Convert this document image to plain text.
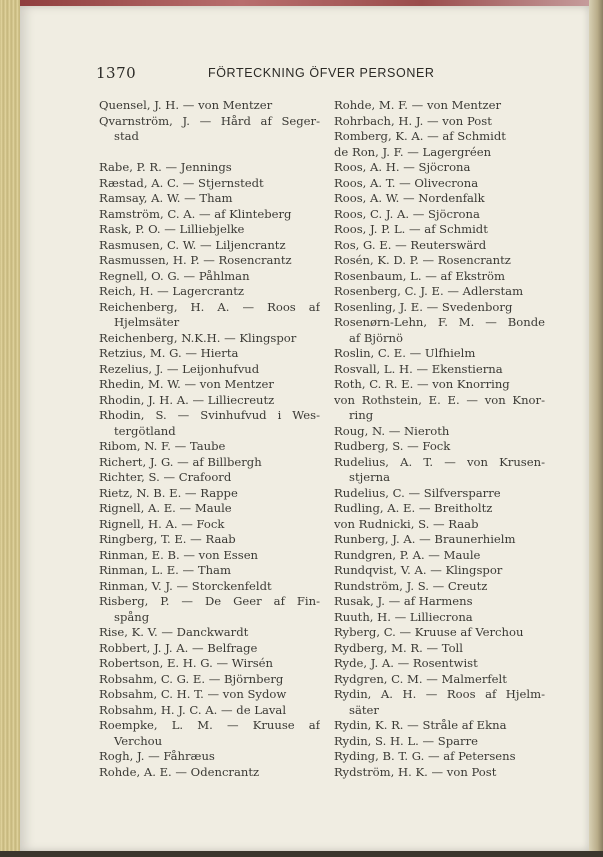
1370	FÖRTECKNING ÖFVER PERSONER
Quensel, J. H. — von Mentzer
Qvarnström, J. — Hård af Seger-
stad
Rabe, P. R. — Jennings
Ræstad, A. C. — Stjernstedt
Ramsay, A. W. — Tham
Ramström, C. A. — af Klinteberg
Rask, P. O. — Lilliebjelke
Rasmusen, C. W. — Liljencrantz
Rasmussen, H. P. — Rosencrantz
Regnell, O. G. — Påhlman
Reich, H. — Lagercrantz
Reichenberg, H. A. — Roos af
Hjelmsäter
Reichenberg, N.K.H. — Klingspor
Retzius, M. G. — Hierta
Rezelius, J. — Leijonhufvud
Rhedin, M. W. — von Mentzer
Rhodin, J. H. A. — Lilliecreutz
Rhodin, S. — Svinhufvud i Wes-
tergötland
Ribom, N. F. — Taube
Richert, J. G. — af Billbergh
Richter, S. — Crafoord
Rietz, N. B. E. — Rappe
Rignell, A. E. — Maule
Rignell, H. A. — Fock
Ringberg, T. E. — Raab
Rinman, E. B. — von Essen
Rinman, L. E. — Tham
Rinman, V. J. — Storckenfeldt
Risberg, P. — De Geer af Fin-
spång
Rise, K. V. — Danckwardt
Robbert, J. J. A. — Belfrage
Robertson, E. H. G. — Wirsén
Robsahm, C. G. E. — Björnberg
Robsahm, C. H. T. — von Sydow
Robsahm, H. J. C. A. — de Laval
Roempke, L. M. — Kruuse af
Verchou
Rogh, J. — Fåhræus
Rohde, A. E. — Odencrantz
Rohde, M. F. — von Mentzer
Rohrbach, H. J. — von Post
Romberg, K. A. — af Schmidt
de Ron, J. F. — Lagergréen
Roos, A. H. — Sjöcrona
Roos, A. T. — Olivecrona
Roos, A. W. — Nordenfalk
Roos, C. J. A. — Sjöcrona
Roos, J. P. L. — af Schmidt
Ros, G. E. — Reuterswärd
Rosén, K. D. P. — Rosencrantz
Rosenbaum, L. — af Ekström
Rosenberg, C. J. E. — Adlerstam
Rosenling, J. E. — Svedenborg
Rosenørn-Lehn, F. M. — Bonde
af Björnö
Roslin, C. E. — Ulfhielm
Rosvall, L. H. — Ekenstierna
Roth, C. R. E. — von Knorring
von Rothstein, E. E. — von Knor-
ring
Roug, N. — Nieroth
Rudberg, S. — Fock
Rudelius, A. T. — von Krusen-
stjerna
Rudelius, C. — Silfversparre
Rudling, A. E. — Breitholtz
von Rudnicki, S. — Raab
Runberg, J. A. — Braunerhielm
Rundgren, P. A. — Maule
Rundqvist, V. A. — Klingspor
Rundström, J. S. — Creutz
Rusak, J. — af Harmens
Ruuth, H. — Lilliecrona
Ryberg, C. — Kruuse af Verchou
Rydberg, M. R. — Toll
Ryde, J. A. — Rosentwist
Rydgren, C. M. — Malmerfelt
Rydin, A. H. — Roos af Hjelm-
säter
Rydin, K. R. — Stråle af Ekna
Rydin, S. H. L. — Sparre
Ryding, B. T. G. — af Petersens
Rydström, H. K. — von Post
